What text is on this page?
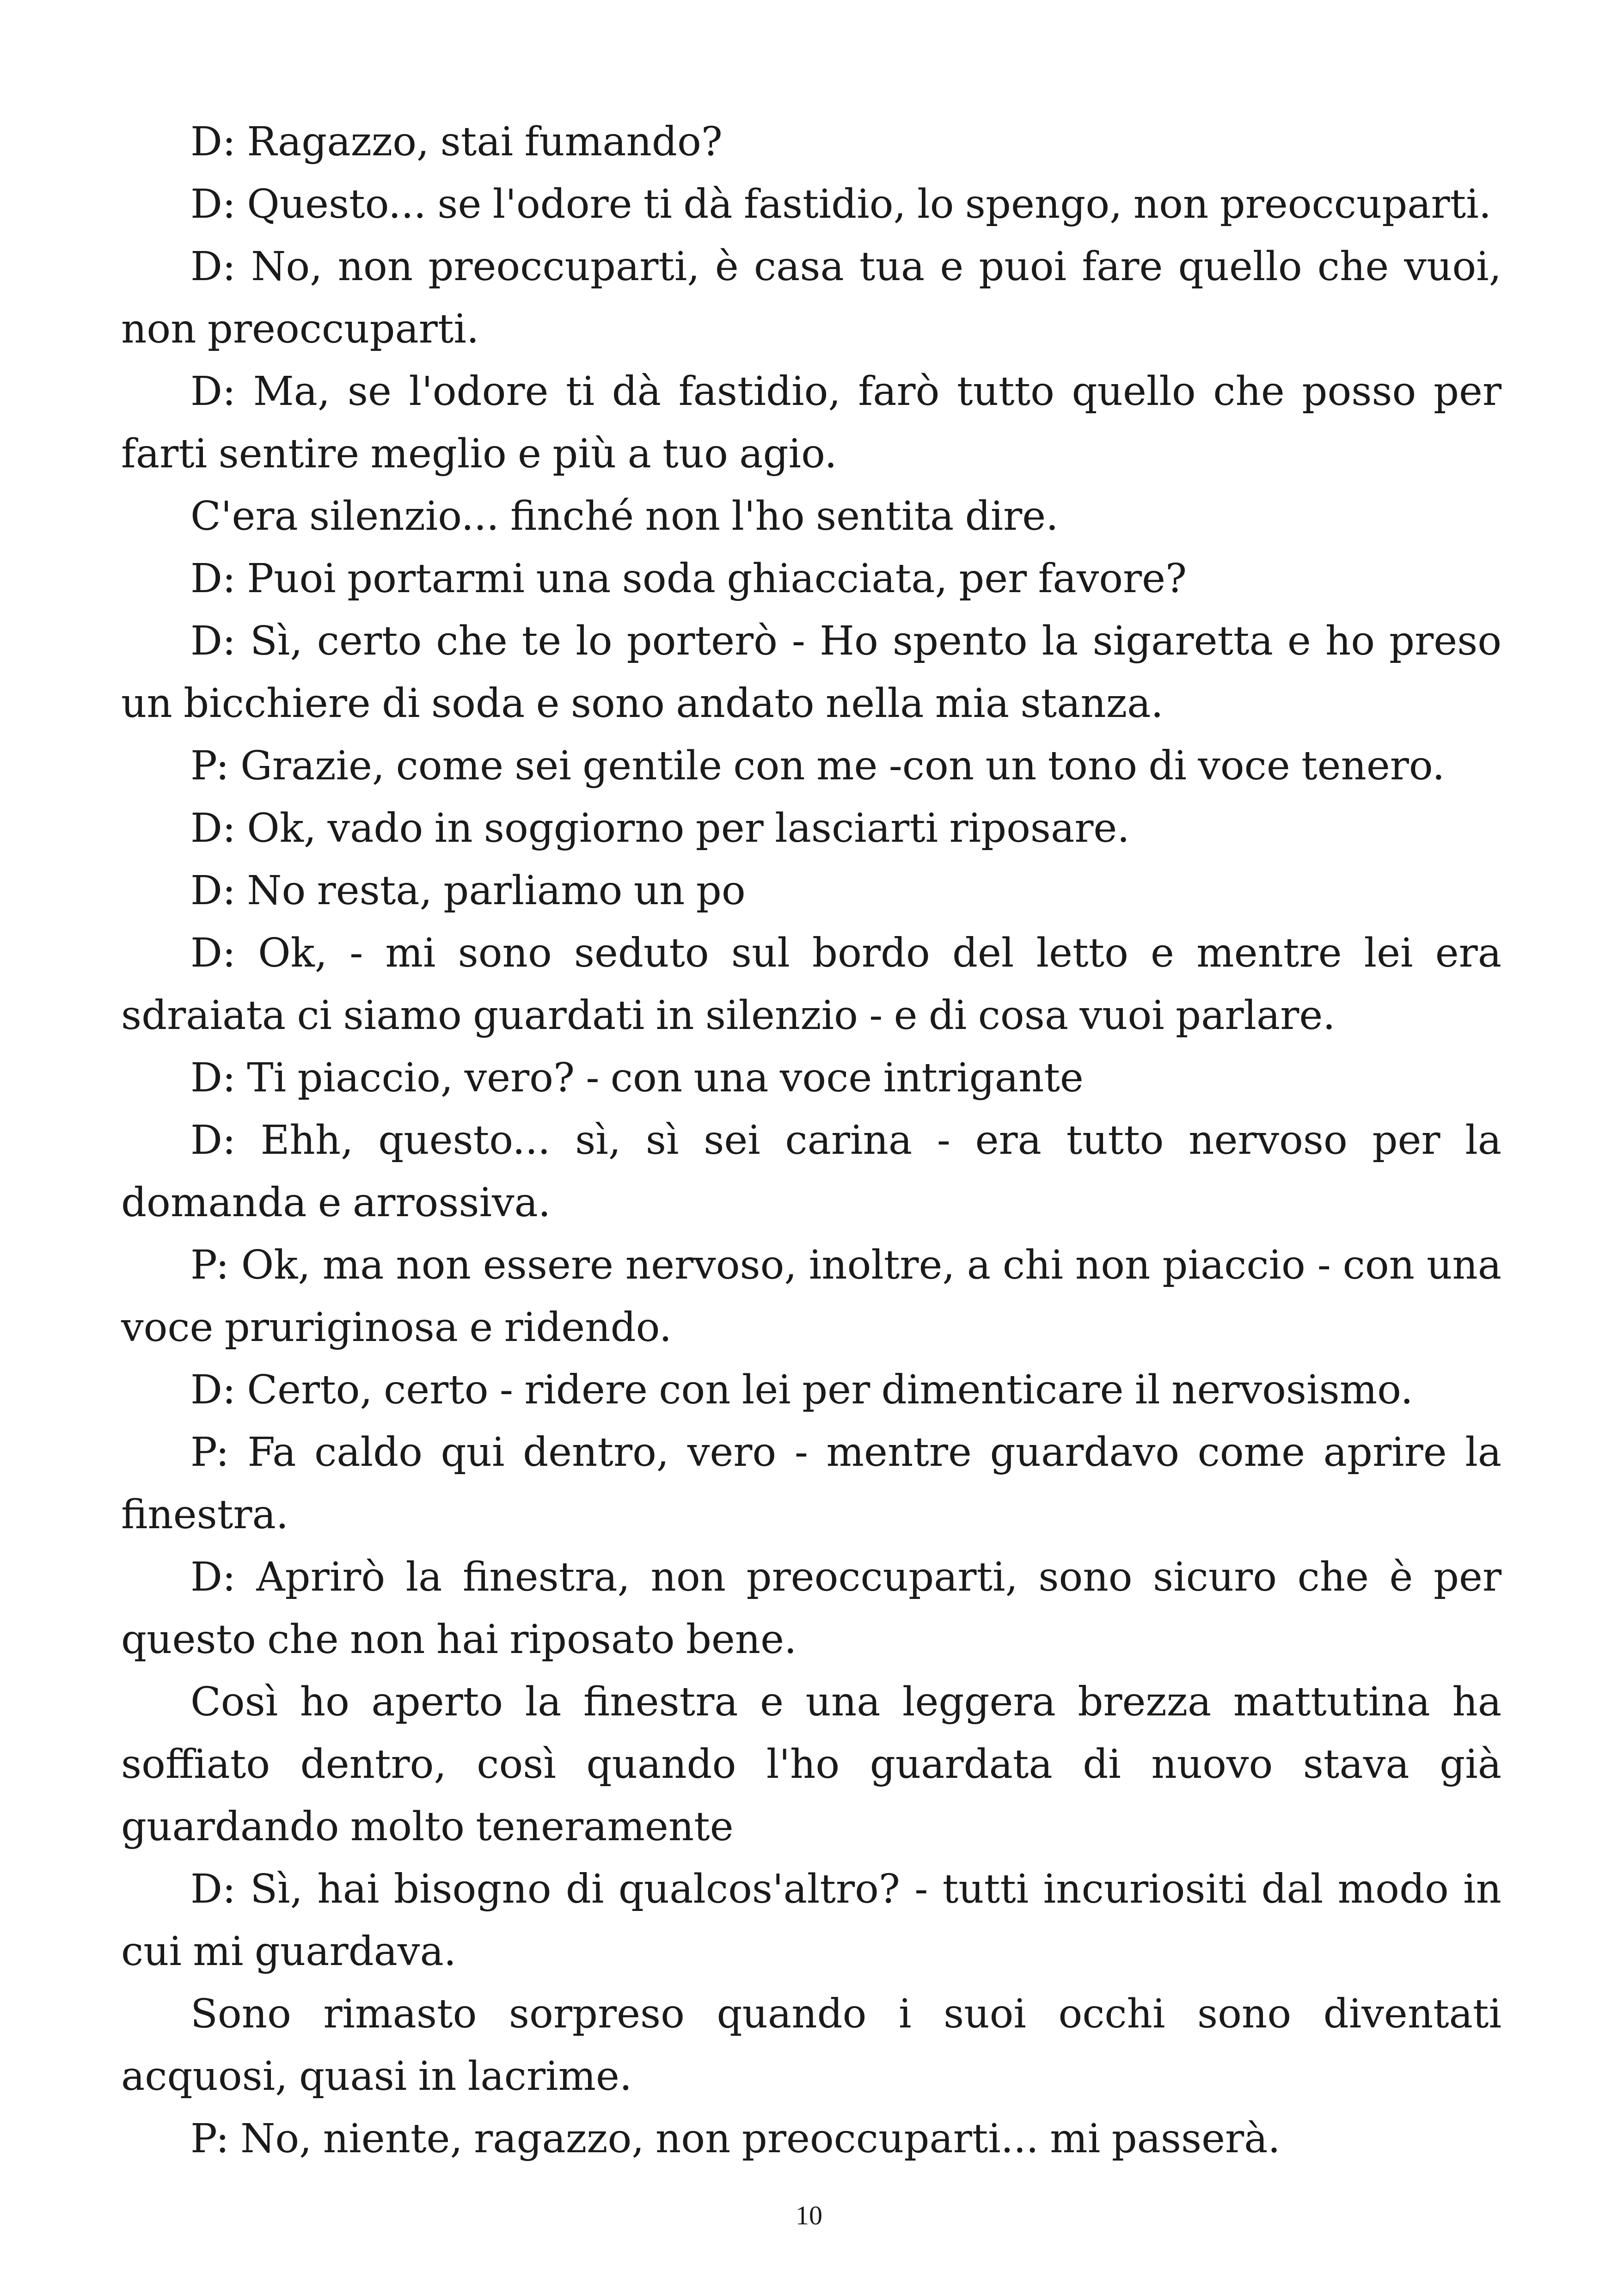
D: Ragazzo, stai fumando?

D: Questo... se l'odore ti dà fastidio, lo spengo, non preoccuparti.

D: No, non preoccuparti, è casa tua e puoi fare quello che vuoi, non preoccuparti.

D: Ma, se l'odore ti dà fastidio, farò tutto quello che posso per farti sentire meglio e più a tuo agio.

C'era silenzio... finché non l'ho sentita dire.

D: Puoi portarmi una soda ghiacciata, per favore?

D: Sì, certo che te lo porterò - Ho spento la sigaretta e ho preso un bicchiere di soda e sono andato nella mia stanza.

P: Grazie, come sei gentile con me -con un tono di voce tenero.

D: Ok, vado in soggiorno per lasciarti riposare.

D: No resta, parliamo un po

D: Ok, - mi sono seduto sul bordo del letto e mentre lei era sdraiata ci siamo guardati in silenzio - e di cosa vuoi parlare.

D: Ti piaccio, vero? - con una voce intrigante

D: Ehh, questo... sì, sì sei carina - era tutto nervoso per la domanda e arrossiva.

P: Ok, ma non essere nervoso, inoltre, a chi non piaccio - con una voce pruriginosa e ridendo.

D: Certo, certo - ridere con lei per dimenticare il nervosismo.

P: Fa caldo qui dentro, vero - mentre guardavo come aprire la finestra.

D: Aprirò la finestra, non preoccuparti, sono sicuro che è per questo che non hai riposato bene.

Così ho aperto la finestra e una leggera brezza mattutina ha soffiato dentro, così quando l'ho guardata di nuovo stava già guardando molto teneramente

D: Sì, hai bisogno di qualcos'altro? - tutti incuriositi dal modo in cui mi guardava.

Sono rimasto sorpreso quando i suoi occhi sono diventati acquosi, quasi in lacrime.

P: No, niente, ragazzo, non preoccuparti... mi passerà.

10
